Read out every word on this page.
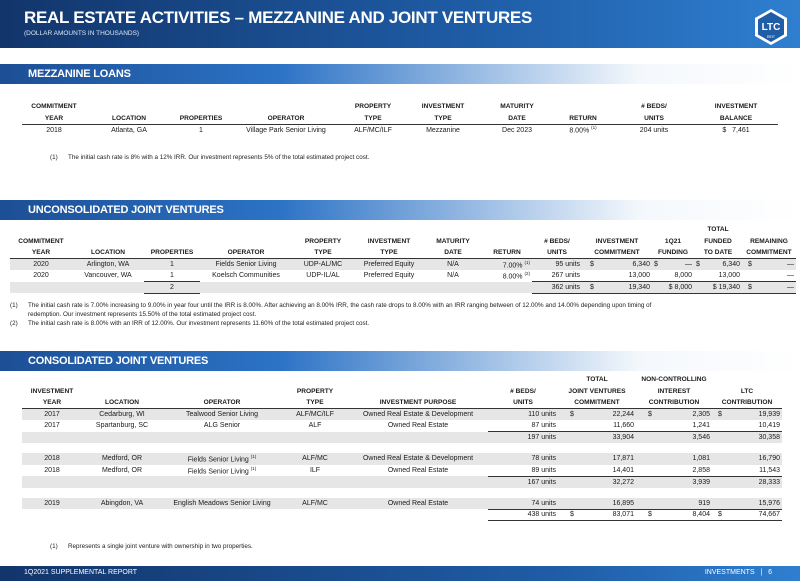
REAL ESTATE ACTIVITIES – MEZZANINE AND JOINT VENTURES
(DOLLAR AMOUNTS IN THOUSANDS)
LTC
REIT
MEZZANINE LOANS
COMMITMENT				PROPERTY	INVESTMENT	MATURITY		# BEDS/	INVESTMENT
YEAR	LOCATION	PROPERTIES	OPERATOR	TYPE	TYPE	DATE	RETURN	UNITS	BALANCE
2018	Atlanta, GA	1	Village Park Senior Living	ALF/MC/ILF	Mezzanine	Dec 2023	8.00% $^{(1)}$	204 units	$ 7,461
(1) The initial cash rate is 8% with a 12% IRR. Our investment represents 5% of the total estimated project cost.
UNCONSOLIDATED JOINT VENTURES
											TOTAL	
COMMITMENT				PROPERTY	INVESTMENT	MATURITY		# BEDS/	INVESTMENT	1Q21	FUNDED	REMAINING
YEAR	LOCATION	PROPERTIES	OPERATOR	TYPE	TYPE	DATE	RETURN	UNITS	COMMITMENT	FUNDING	TO DATE	COMMITMENT
2020	Arlington, WA	1	Fields Senior Living	UDP-AL/MC	Preferred Equity	N/A	7.00% $^{(1)}$	95 units	$ 6,340	$ —	$ 6,340	$ —
2020	Vancouver, WA	1	Koelsch Communities	UDP-IL/AL	Preferred Equity	N/A	8.00% $^{(2)}$	267 units	13,000	8,000	13,000	—
		2						362 units	$ 19,340	$ 8,000	$ 19,340	$ —
(1) The initial cash rate is 7.00% increasing to 9.00% in year four until the IRR is 8.00%. After achieving an 8.00% IRR, the cash rate drops to 8.00% with an IRR ranging between of 12.00% and 14.00% depending upon timing of
redemption. Our investment represents 15.50% of the total estimated project cost.
(2) The initial cash rate is 8.00% with an IRR of 12.00%. Our investment represents 11.60% of the total estimated project cost.
CONSOLIDATED JOINT VENTURES
						TOTAL	NON-CONTROLLING	
INVESTMENT			PROPERTY		# BEDS/	JOINT VENTURES	INTEREST	LTC
YEAR	LOCATION	OPERATOR	TYPE	INVESTMENT PURPOSE	UNITS	COMMITMENT	CONTRIBUTION	CONTRIBUTION
2017	Cedarburg, WI	Tealwood Senior Living	ALF/MC/ILF	Owned Real Estate & Development	110 units	$ 22,244	$ 2,305	$ 19,939
2017	Spartanburg, SC	ALG Senior	ALF	Owned Real Estate	87 units	11,660	1,241	10,419
					197 units	33,904	3,546	30,358

2018	Medford, OR	Fields Senior Living $^{(1)}$	ALF/MC	Owned Real Estate & Development	78 units	17,871	1,081	16,790
2018	Medford, OR	Fields Senior Living $^{(1)}$	ILF	Owned Real Estate	89 units	14,401	2,858	11,543
					167 units	32,272	3,939	28,333

2019	Abingdon, VA	English Meadows Senior Living	ALF/MC	Owned Real Estate	74 units	16,895	919	15,976
					438 units	$ 83,071	$ 8,404	$ 74,667
(1) Represents a single joint venture with ownership in two properties.
1Q2021 SUPPLEMENTAL REPORT	INVESTMENTS   |   6
